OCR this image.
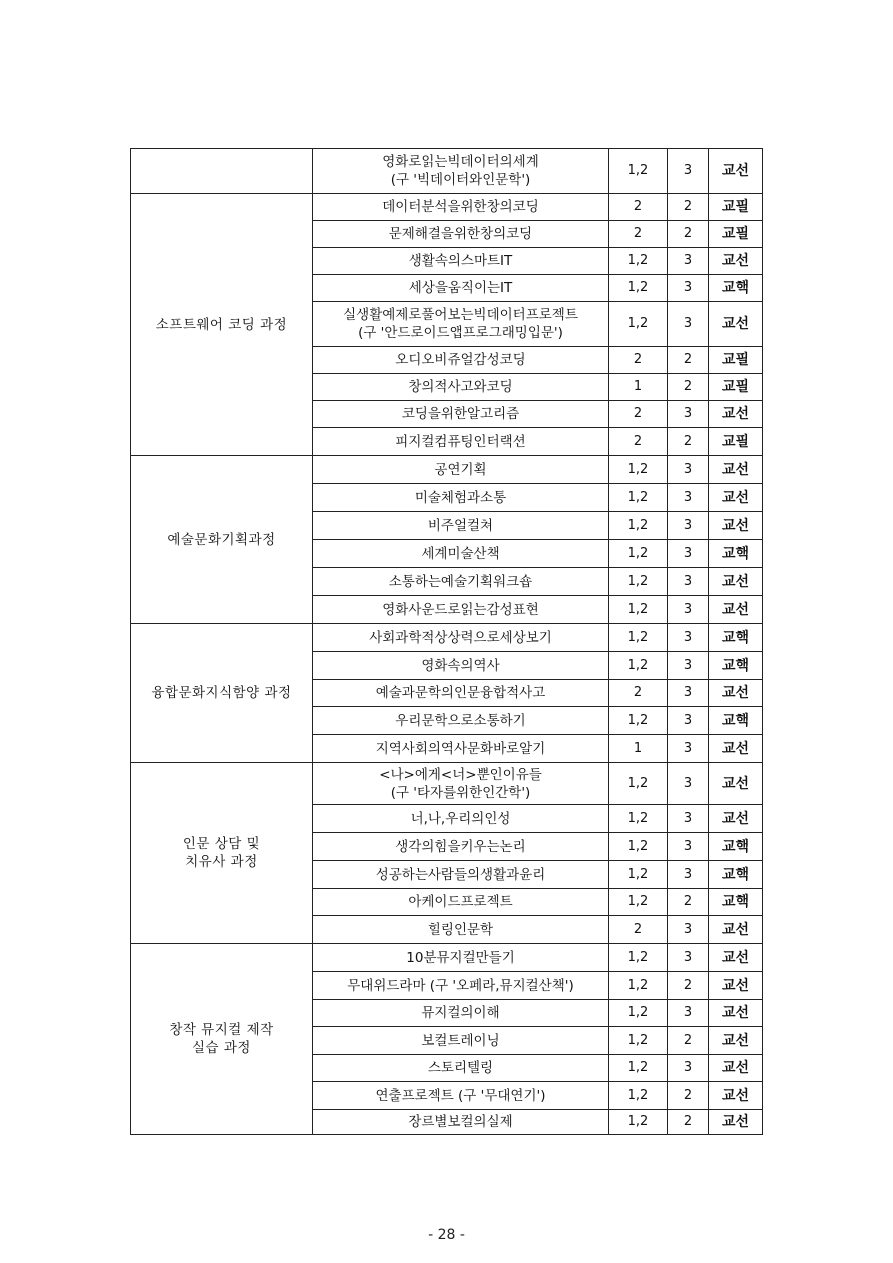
	영화로읽는빅데이터의세계
(구 '빅데이터와인문학')	1,2	3	교선
소프트웨어 코딩 과정	데이터분석을위한창의코딩	2	2	교필

	문제해결을위한창의코딩	2	2	교필

	생활속의스마트IT	1,2	3	교선

	세상을움직이는IT	1,2	3	교핵

	실생활예제로풀어보는빅데이터프로젝트
(구 '안드로이드앱프로그래밍입문')	1,2	3	교선

	오디오비쥬얼감성코딩	2	2	교필

	창의적사고와코딩	1	2	교필

	코딩을위한알고리즘	2	3	교선

	피지컬컴퓨팅인터랙션	2	2	교필
예술문화기획과정	공연기획	1,2	3	교선

	미술체험과소통	1,2	3	교선

	비주얼컬쳐	1,2	3	교선

	세계미술산책	1,2	3	교핵

	소통하는예술기획워크숍	1,2	3	교선

	영화사운드로읽는감성표현	1,2	3	교선
융합문화지식함양 과정	사회과학적상상력으로세상보기	1,2	3	교핵

	영화속의역사	1,2	3	교핵

	예술과문학의인문융합적사고	2	3	교선

	우리문학으로소통하기	1,2	3	교핵

	지역사회의역사문화바로알기	1	3	교선

인문 상담 및
치유사 과정	<나>에게<너>뿐인이유들
(구 '타자를위한인간학')	1,2	3	교선

	너,나,우리의인성	1,2	3	교선

	생각의힘을키우는논리	1,2	3	교핵

	성공하는사람들의생활과윤리	1,2	3	교핵

	아케이드프로젝트	1,2	2	교핵

	힐링인문학	2	3	교선

창작 뮤지컬 제작
실습 과정	10분뮤지컬만들기	1,2	3	교선

	무대위드라마 (구 '오페라,뮤지컬산책')	1,2	2	교선

	뮤지컬의이해	1,2	3	교선

	보컬트레이닝	1,2	2	교선

	스토리텔링	1,2	3	교선

	연출프로젝트 (구 '무대연기')	1,2	2	교선

	장르별보컬의실제	1,2	2	교선
- 28 -
